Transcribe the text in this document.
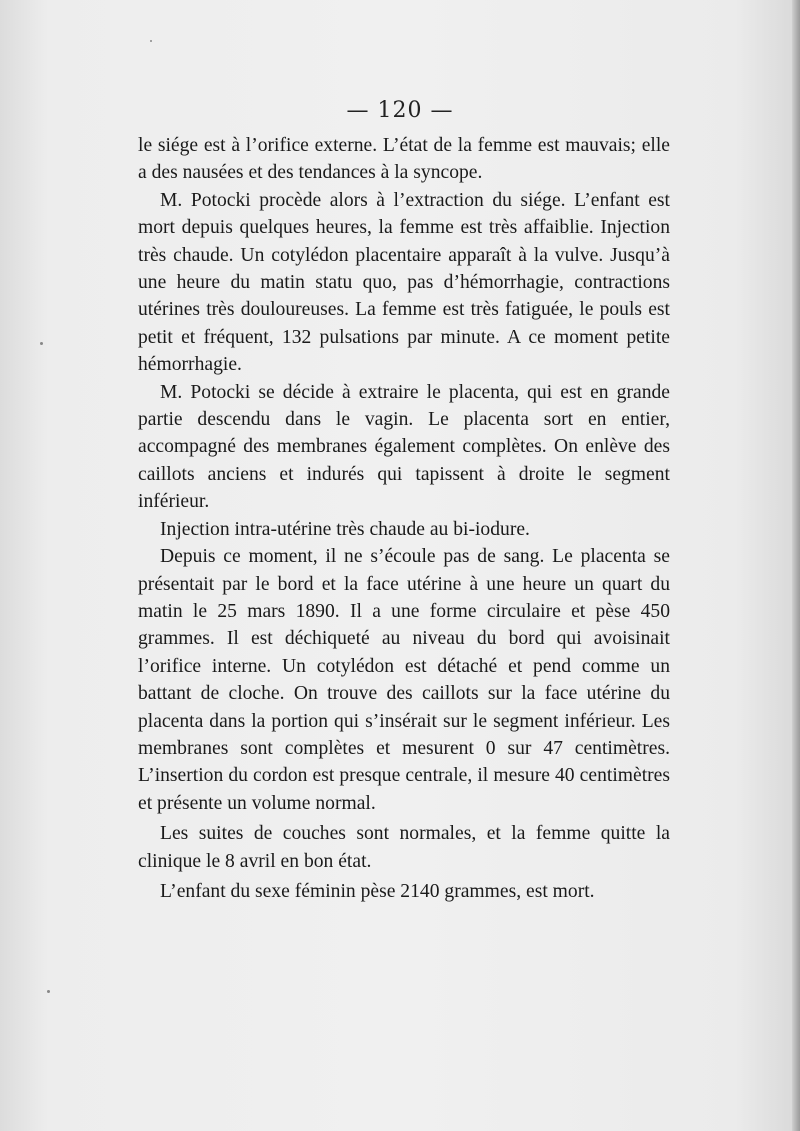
— 120 —

le siége est à l’orifice externe. L’état de la femme est mauvais; elle a des nausées et des tendances à la syncope.

M. Potocki procède alors à l’extraction du siége. L’enfant est mort depuis quelques heures, la femme est très affaiblie. Injection très chaude. Un cotylédon placentaire apparaît à la vulve. Jusqu’à une heure du matin statu quo, pas d’hémorrhagie, contractions utérines très douloureuses. La femme est très fatiguée, le pouls est petit et fréquent, 132 pulsations par minute. A ce moment petite hémorrhagie.

M. Potocki se décide à extraire le placenta, qui est en grande partie descendu dans le vagin. Le placenta sort en entier, accompagné des membranes également complètes. On enlève des caillots anciens et indurés qui tapissent à droite le segment inférieur.

Injection intra-utérine très chaude au bi-iodure.

Depuis ce moment, il ne s’écoule pas de sang. Le placenta se présentait par le bord et la face utérine à une heure un quart du matin le 25 mars 1890. Il a une forme circulaire et pèse 450 grammes. Il est déchiqueté au niveau du bord qui avoisinait l’orifice interne. Un cotylédon est détaché et pend comme un battant de cloche. On trouve des caillots sur la face utérine du placenta dans la portion qui s’insérait sur le segment inférieur. Les membranes sont complètes et mesurent 0 sur 47 centimètres. L’insertion du cordon est presque centrale, il mesure 40 centimètres et présente un volume normal.

Les suites de couches sont normales, et la femme quitte la clinique le 8 avril en bon état.

L’enfant du sexe féminin pèse 2140 grammes, est mort.
